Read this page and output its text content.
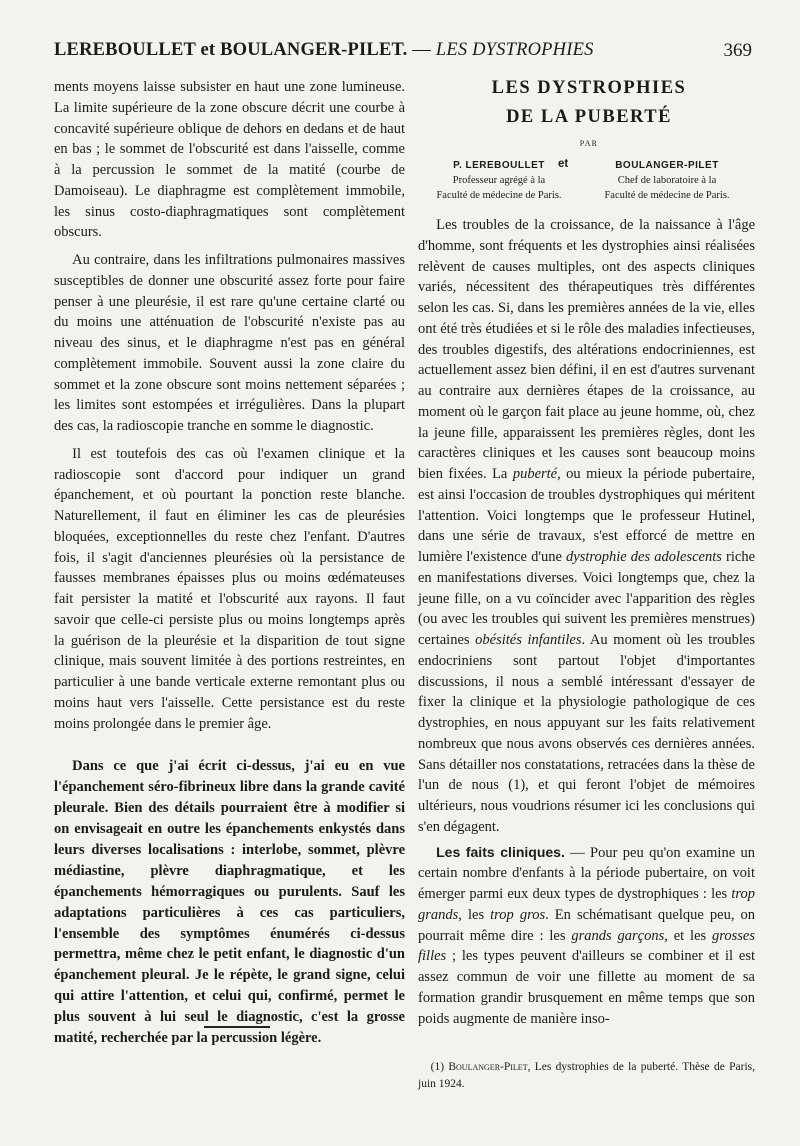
LEREBOULLET et BOULANGER-PILET. — LES DYSTROPHIES	369

ments moyens laisse subsister en haut une zone lumineuse. La limite supérieure de la zone obscure décrit une courbe à concavité supérieure oblique de dehors en dedans et de haut en bas ; le sommet de l'obscurité est dans l'aisselle, comme à la percussion le sommet de la matité (courbe de Damoiseau). Le diaphragme est complètement immobile, les sinus costo-diaphragmatiques sont complètement obscurs.

Au contraire, dans les infiltrations pulmonaires massives susceptibles de donner une obscurité assez forte pour faire penser à une pleurésie, il est rare qu'une certaine clarté ou du moins une atténuation de l'obscurité n'existe pas au niveau des sinus, et le diaphragme n'est pas en général complètement immobile. Souvent aussi la zone claire du sommet et la zone obscure sont moins nettement séparées ; les limites sont estompées et irrégulières. Dans la plupart des cas, la radioscopie tranche en somme le diagnostic.

Il est toutefois des cas où l'examen clinique et la radioscopie sont d'accord pour indiquer un grand épanchement, et où pourtant la ponction reste blanche. Naturellement, il faut en éliminer les cas de pleurésies bloquées, exceptionnelles du reste chez l'enfant. D'autres fois, il s'agit d'anciennes pleurésies où la persistance de fausses membranes épaisses plus ou moins œdémateuses fait persister la matité et l'obscurité aux rayons. Il faut savoir que celle-ci persiste plus ou moins longtemps après la guérison de la pleurésie et la disparition de tout signe clinique, mais souvent limitée à des portions restreintes, en particulier à une bande verticale externe remontant plus ou moins haut vers l'aisselle. Cette persistance est du reste moins prolongée dans le premier âge.

Dans ce que j'ai écrit ci-dessus, j'ai eu en vue l'épanchement séro-fibrineux libre dans la grande cavité pleurale. Bien des détails pourraient être à modifier si on envisageait en outre les épanchements enkystés dans leurs diverses localisations : interlobe, sommet, plèvre médiastine, plèvre diaphragmatique, et les épanchements hémorragiques ou purulents. Sauf les adaptations particulières à ces cas particuliers, l'ensemble des symptômes énumérés ci-dessus permettra, même chez le petit enfant, le diagnostic d'un épanchement pleural. Je le répète, le grand signe, celui qui attire l'attention, et celui qui, confirmé, permet le plus souvent à lui seul le diagnostic, c'est la grosse matité, recherchée par la percussion légère.

LES DYSTROPHIES
DE LA PUBERTÉ
PAR
P. LEREBOULLET
Professeur agrégé à la
Faculté de médecine de Paris.
et	BOULANGER-PILET
Chef de laboratoire à la
Faculté de médecine de Paris.

Les troubles de la croissance, de la naissance à l'âge d'homme, sont fréquents et les dystrophies ainsi réalisées relèvent de causes multiples, ont des aspects cliniques variés, nécessitent des thérapeutiques très différentes selon les cas. Si, dans les premières années de la vie, elles ont été très étudiées et si le rôle des maladies infectieuses, des troubles digestifs, des altérations endocriniennes, est actuellement assez bien défini, il en est d'autres survenant au contraire aux dernières étapes de la croissance, au moment où le garçon fait place au jeune homme, où, chez la jeune fille, apparaissent les premières règles, dont les caractères cliniques et les causes sont beaucoup moins bien fixées. La puberté, ou mieux la période pubertaire, est ainsi l'occasion de troubles dystrophiques qui méritent l'attention. Voici longtemps que le professeur Hutinel, dans une série de travaux, s'est efforcé de mettre en lumière l'existence d'une dystrophie des adolescents riche en manifestations diverses. Voici longtemps que, chez la jeune fille, on a vu coïncider avec l'apparition des règles (ou avec les troubles qui suivent les premières menstrues) certaines obésités infantiles. Au moment où les troubles endocriniens sont partout l'objet d'importantes discussions, il nous a semblé intéressant d'essayer de fixer la clinique et la physiologie pathologique de ces dystrophies, en nous appuyant sur les faits relativement nombreux que nous avons observés ces dernières années. Sans détailler nos constatations, retracées dans la thèse de l'un de nous (1), et qui feront l'objet de mémoires ultérieurs, nous voudrions résumer ici les conclusions qui s'en dégagent.

Les faits cliniques. — Pour peu qu'on examine un certain nombre d'enfants à la période pubertaire, on voit émerger parmi eux deux types de dystrophiques : les trop grands, les trop gros. En schématisant quelque peu, on pourrait même dire : les grands garçons, et les grosses filles ; les types peuvent d'ailleurs se combiner et il est assez commun de voir une fillette au moment de sa formation grandir brusquement en même temps que son poids augmente de manière inso-

(1) Boulanger-Pilet, Les dystrophies de la puberté. Thèse de Paris, juin 1924.
